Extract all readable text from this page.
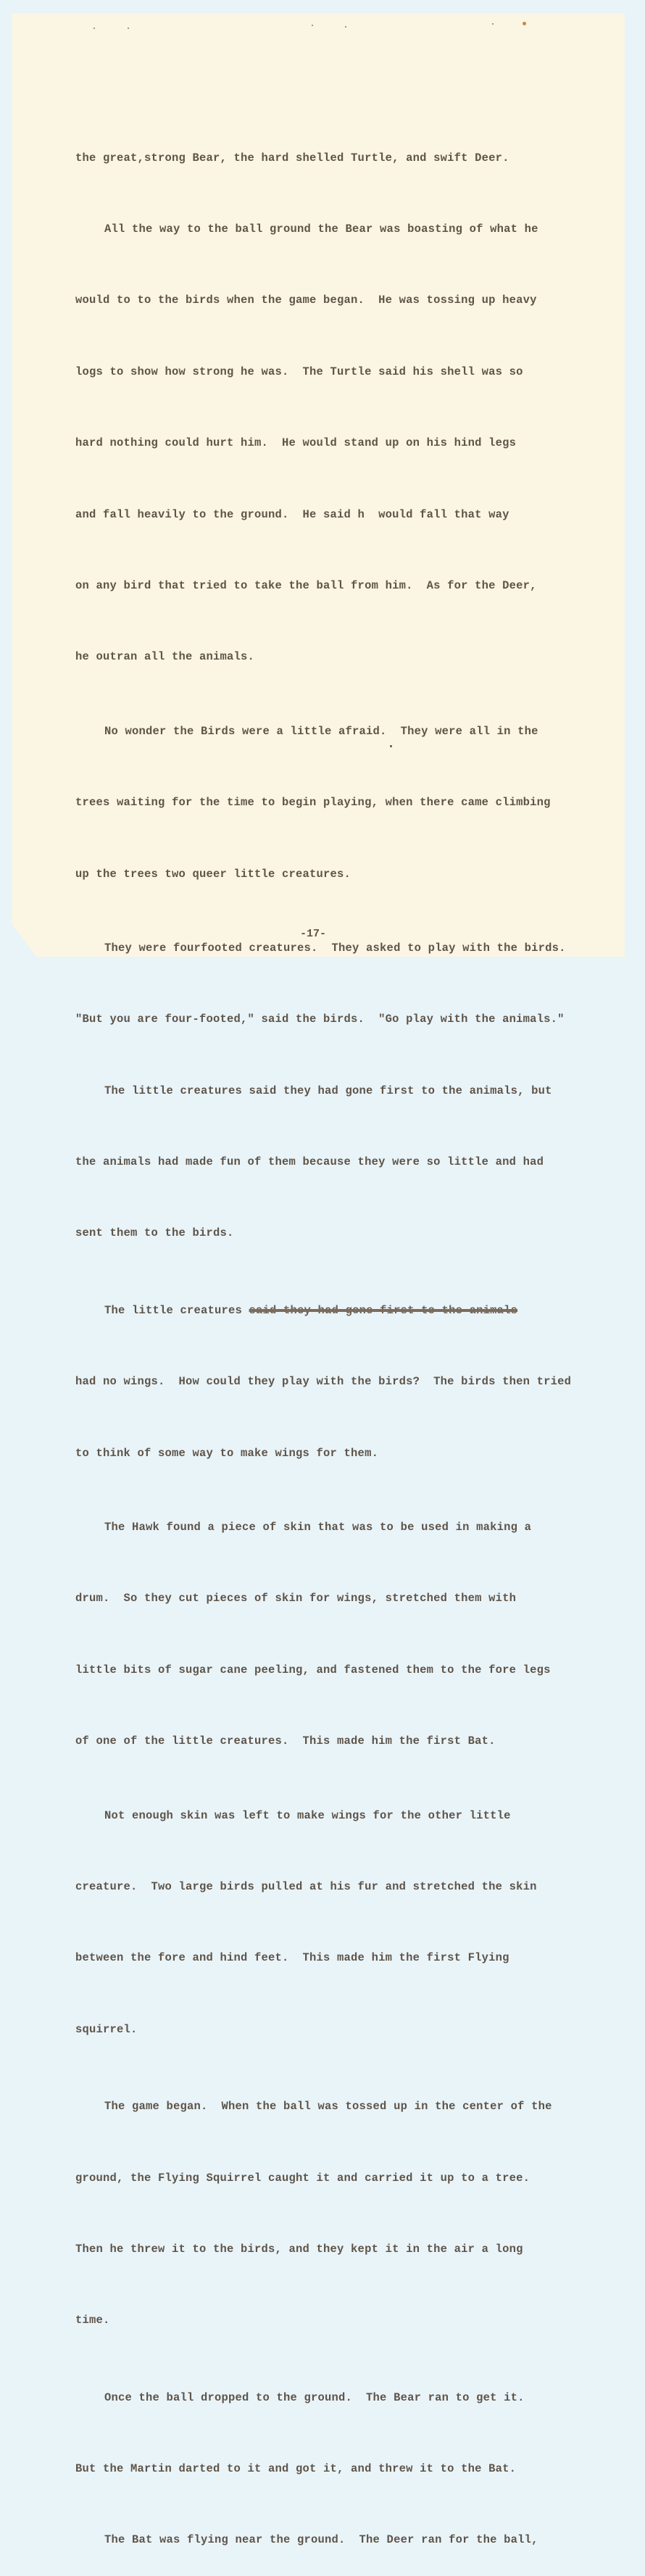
the great,strong Bear, the hard shelled Turtle, and swift Deer.

All the way to the ball ground the Bear was boasting of what he

would to to the birds when the game began.  He was tossing up heavy

logs to show how strong he was.  The Turtle said his shell was so

hard nothing could hurt him.  He would stand up on his hind legs

and fall heavily to the ground.  He said h  would fall that way

on any bird that tried to take the ball from him.  As for the Deer,

he outran all the animals.

No wonder the Birds were a little afraid.  They were all in the

trees waiting for the time to begin playing, when there came climbing

up the trees two queer little creatures.

They were fourfooted creatures.  They asked to play with the birds.

"But you are four-footed," said the birds.  "Go play with the animals."

The little creatures said they had gone first to the animals, but

the animals had made fun of them because they were so little and had

sent them to the birds.

The little creatures said they had gone first to the animals

had no wings.  How could they play with the birds?  The birds then tried

to think of some way to make wings for them.

The Hawk found a piece of skin that was to be used in making a

drum.  So they cut pieces of skin for wings, stretched them with

little bits of sugar cane peeling, and fastened them to the fore legs

of one of the little creatures.  This made him the first Bat.

Not enough skin was left to make wings for the other little

creature.  Two large birds pulled at his fur and stretched the skin

between the fore and hind feet.  This made him the first Flying

squirrel.

The game began.  When the ball was tossed up in the center of the

ground, the Flying Squirrel caught it and carried it up to a tree.

Then he threw it to the birds, and they kept it in the air a long

time.

Once the ball dropped to the ground.  The Bear ran to get it.

But the Martin darted to it and got it, and threw it to the Bat.

The Bat was flying near the ground.  The Deer ran for the ball,

-17-
